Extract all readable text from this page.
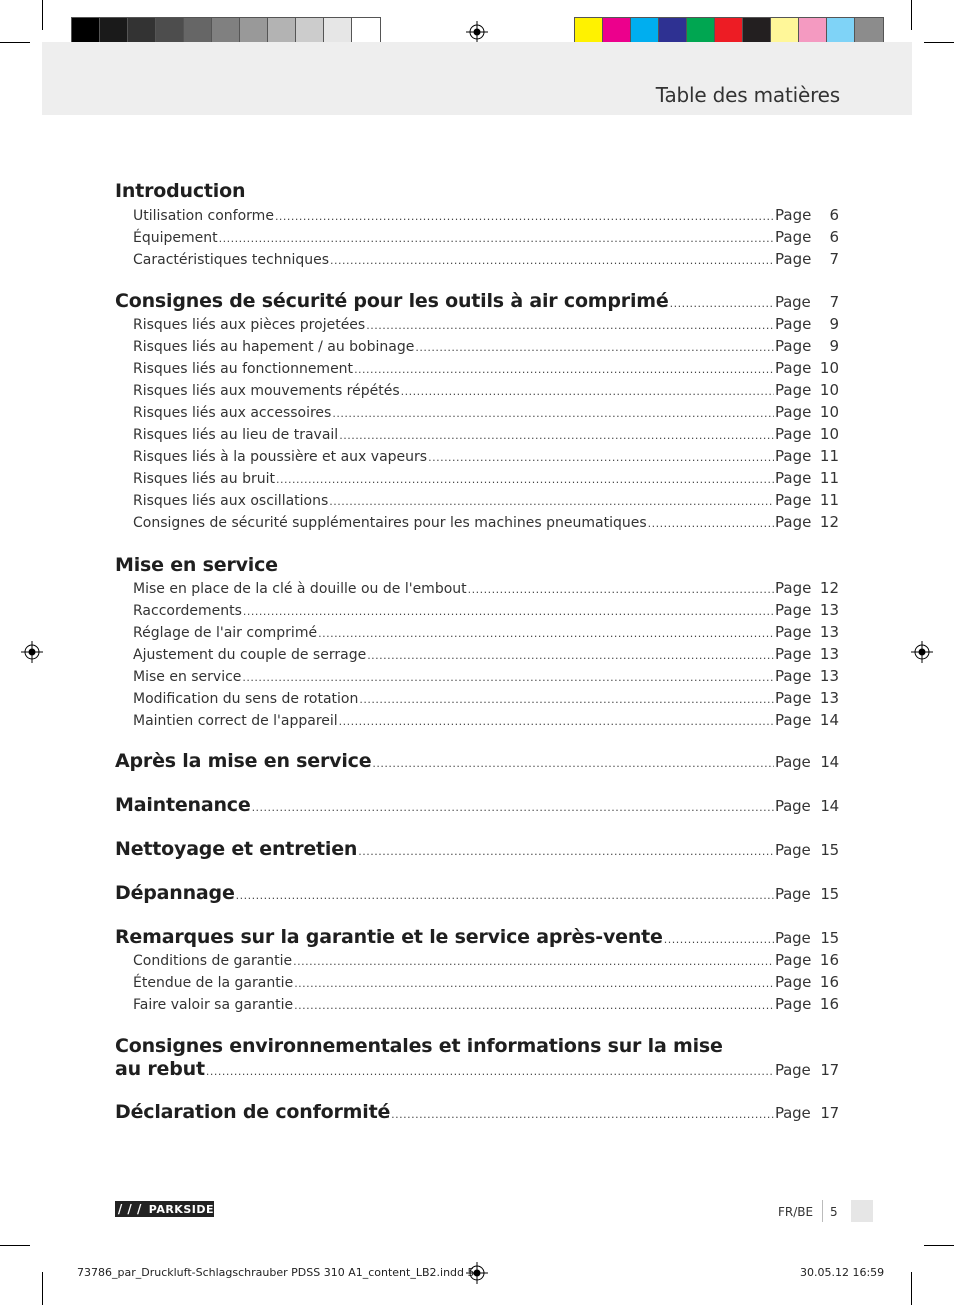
Table des matières
Introduction
Utilisation conforme .....	Page	6
Équipement .....	Page	6
Caractéristiques techniques .....	Page	7
Consignes de sécurité pour les outils à air comprimé .....	Page	7
Risques liés aux pièces projetées .....	Page	9
Risques liés au hapement / au bobinage .....	Page	9
Risques liés au fonctionnement .....	Page 10
Risques liés aux mouvements répétés .....	Page 10
Risques liés aux accessoires .....	Page 10
Risques liés au lieu de travail .....	Page 10
Risques liés à la poussière et aux vapeurs .....	Page 11
Risques liés au bruit .....	Page 11
Risques liés aux oscillations .....	Page 11
Consignes de sécurité supplémentaires pour les machines pneumatiques .....	Page 12
Mise en service
Mise en place de la clé à douille ou de l'embout .....	Page 12
Raccordements .....	Page 13
Réglage de l'air comprimé .....	Page 13
Ajustement du couple de serrage .....	Page 13
Mise en service .....	Page 13
Modification du sens de rotation .....	Page 13
Maintien correct de l'appareil .....	Page 14
Après la mise en service .....	Page 14
Maintenance .....	Page 14
Nettoyage et entretien .....	Page 15
Dépannage .....	Page 15
Remarques sur la garantie et le service après-vente .....	Page 15
Conditions de garantie .....	Page 16
Étendue de la garantie .....	Page 16
Faire valoir sa garantie .....	Page 16
Consignes environnementales et informations sur la mise
au rebut .....	Page 17
Déclaration de conformité .....	Page 17
/ / / PARKSIDE	FR/BE 5
73786_par_Druckluft-Schlagschrauber PDSS 310 A1_content_LB2.indd 5	30.05.12 16:59
